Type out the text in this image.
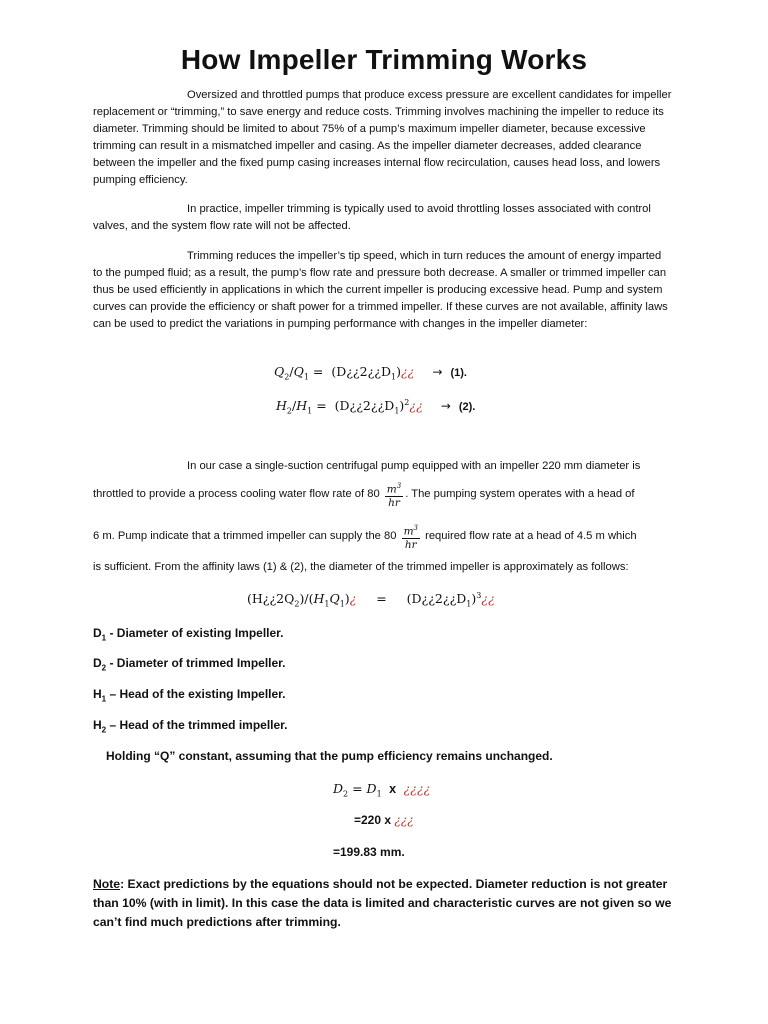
How Impeller Trimming Works

Oversized and throttled pumps that produce excess pressure are excellent candidates for impeller replacement or “trimming,” to save energy and reduce costs. Trimming involves machining the impeller to reduce its diameter. Trimming should be limited to about 75% of a pump’s maximum impeller diameter, because excessive trimming can result in a mismatched impeller and casing. As the impeller diameter decreases, added clearance between the impeller and the fixed pump casing increases internal flow recirculation, causes head loss, and lowers pumping efficiency.

In practice, impeller trimming is typically used to avoid throttling losses associated with control valves, and the system flow rate will not be affected.

Trimming reduces the impeller’s tip speed, which in turn reduces the amount of energy imparted to the pumped fluid; as a result, the pump’s flow rate and pressure both decrease. A smaller or trimmed impeller can thus be used efficiently in applications in which the current impeller is producing excessive head. Pump and system curves can provide the efficiency or shaft power for a trimmed impeller. If these curves are not available, affinity laws can be used to predict the variations in pumping performance with changes in the impeller diameter:

$Q_2/Q_1$ =  $(D¿¿2¿¿D_1)¿¿ \to (1)$.
$H_2/H_1$ =  $(D¿¿2¿¿D_1)^2¿¿ \to (2)$.
In our case a single-suction centrifugal pump equipped with an impeller 220 mm diameter is
throttled to provide a process cooling water flow rate of $80 \frac{m^3}{hr}$ . The pumping system operates with a head of
6 m. Pump indicate that a trimmed impeller can supply the $80 \frac{m^3}{hr}$ required flow rate at a head of 4.5 m which
is sufficient. From the affinity laws (1) & (2), the diameter of the trimmed impeller is approximately as follows:
$(H¿¿2Q_2)/(H_1Q_1)¿$     =     $(D¿¿2¿¿D_1)^3¿¿$
$D_1$ - Diameter of existing Impeller.
$D_2$ - Diameter of trimmed Impeller.
$H_1$ – Head of the existing Impeller.
$H_2$ – Head of the trimmed impeller.
Holding “Q” constant, assuming that the pump efficiency remains unchanged.
$D_2 = D_1$ x ¿¿¿¿
=220 x ¿¿¿
=199.83 mm.
Note: Exact predictions by the equations should not be expected. Diameter reduction is not greater than 10% (with in limit). In this case the data is limited and characteristic curves are not given so we can’t find much predictions after trimming.
